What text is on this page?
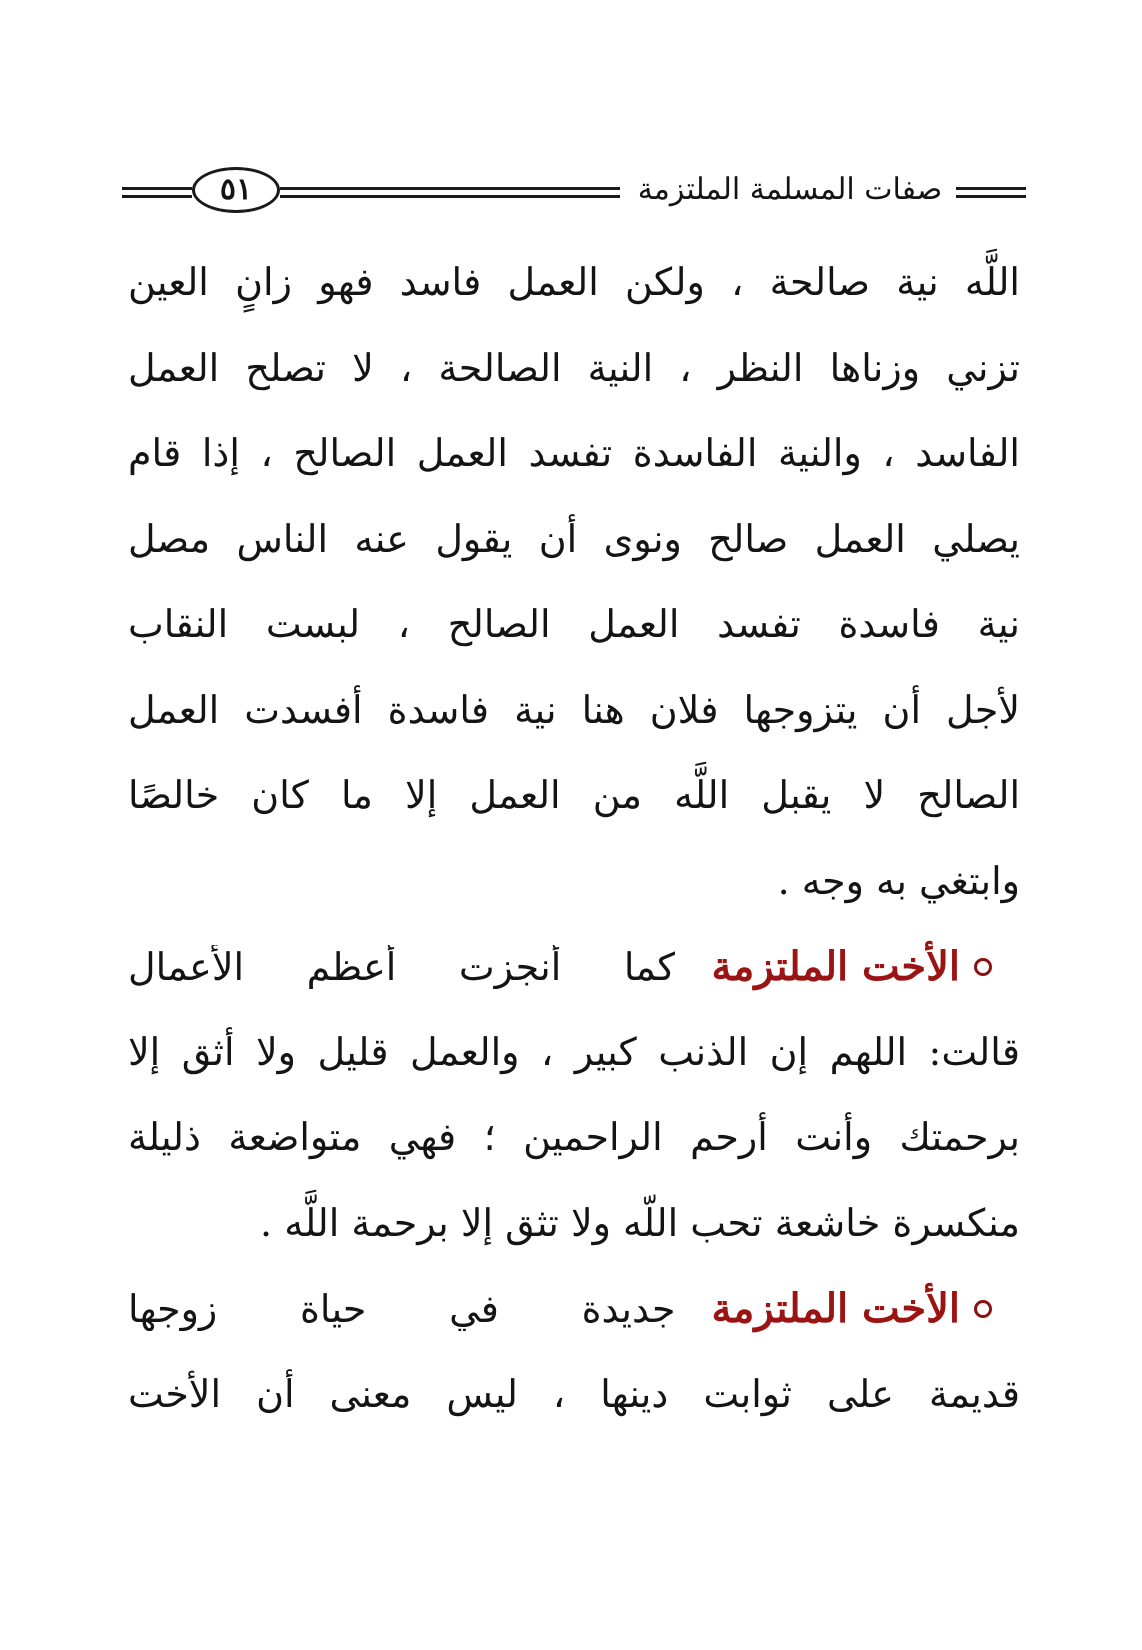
٥١	صفات المسلمة الملتزمة
اللَّه نية صالحة ، ولكن العمل فاسد فهو زانٍ العين
تزني وزناها النظر ، النية الصالحة ، لا تصلح العمل
الفاسد ، والنية الفاسدة تفسد العمل الصالح ، إذا قام
يصلي العمل صالح ونوى أن يقول عنه الناس مصل
نية فاسدة تفسد العمل الصالح ، لبست النقاب
لأجل أن يتزوجها فلان هنا نية فاسدة أفسدت العمل
الصالح لا يقبل اللَّه من العمل إلا ما كان خالصًا
وابتغي به وجه .
الأخت الملتزمة
كما أنجزت أعظم الأعمال
قالت: اللهم إن الذنب كبير ، والعمل قليل ولا أثق إلا
برحمتك وأنت أرحم الراحمين ؛ فهي متواضعة ذليلة
منكسرة خاشعة تحب اللّه ولا تثق إلا برحمة اللَّه .
الأخت الملتزمة
جديدة في حياة زوجها
قديمة على ثوابت دينها ، ليس معنى أن الأخت
